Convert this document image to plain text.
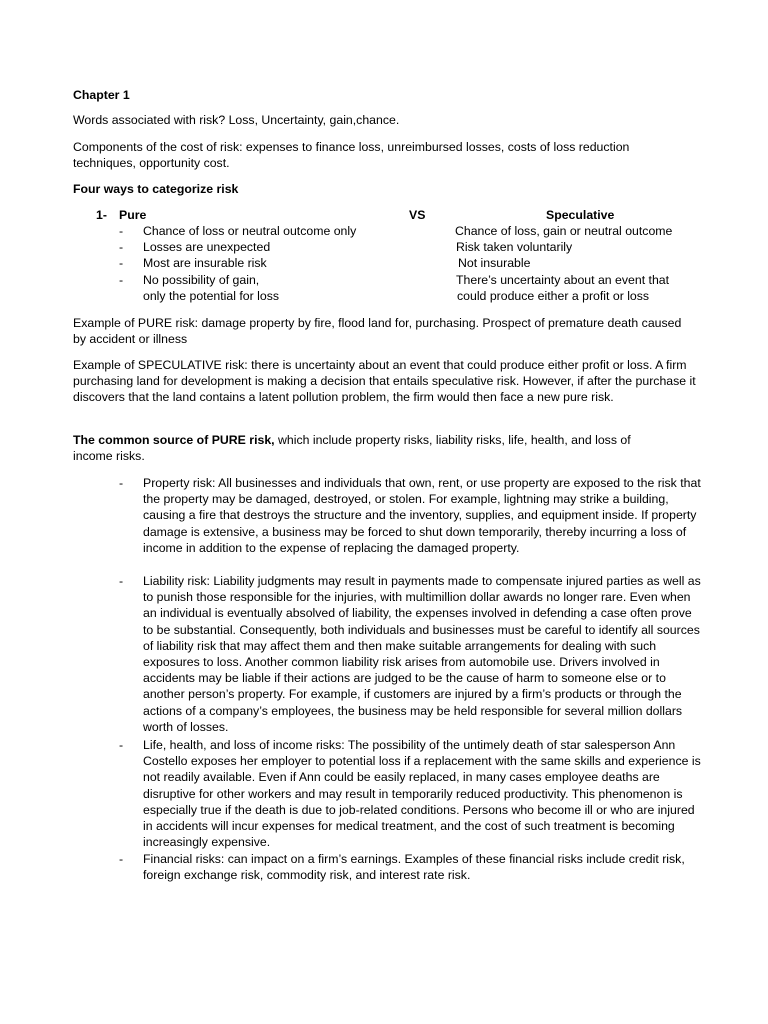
Chapter 1
Words associated with risk? Loss, Uncertainty, gain,chance.
Components of the cost of risk: expenses to finance loss, unreimbursed losses, costs of loss reduction techniques, opportunity cost.
Four ways to categorize risk
1- Pure	VS	Speculative
- Chance of loss or neutral outcome only
- Losses are unexpected
- Most are insurable risk
- No possibility of gain,
only the potential for loss
Chance of loss, gain or neutral outcome
Risk taken voluntarily
Not insurable
There’s uncertainty about an event that
could produce either a profit or loss
Example of PURE risk: damage property by fire, flood land for, purchasing. Prospect of premature death caused by accident or illness
Example of SPECULATIVE risk: there is uncertainty about an event that could produce either profit or loss. A firm purchasing land for development is making a decision that entails speculative risk. However, if after the purchase it discovers that the land contains a latent pollution problem, the firm would then face a new pure risk.
The common source of PURE risk, which include property risks, liability risks, life, health, and loss of income risks.
- Property risk: All businesses and individuals that own, rent, or use property are exposed to the risk that the property may be damaged, destroyed, or stolen. For example, lightning may strike a building, causing a fire that destroys the structure and the inventory, supplies, and equipment inside. If property damage is extensive, a business may be forced to shut down temporarily, thereby incurring a loss of income in addition to the expense of replacing the damaged property.
- Liability risk: Liability judgments may result in payments made to compensate injured parties as well as to punish those responsible for the injuries, with multimillion dollar awards no longer rare. Even when an individual is eventually absolved of liability, the expenses involved in defending a case often prove to be substantial. Consequently, both individuals and businesses must be careful to identify all sources of liability risk that may affect them and then make suitable arrangements for dealing with such exposures to loss. Another common liability risk arises from automobile use. Drivers involved in accidents may be liable if their actions are judged to be the cause of harm to someone else or to another person’s property. For example, if customers are injured by a firm’s products or through the actions of a company’s employees, the business may be held responsible for several million dollars worth of losses.
- Life, health, and loss of income risks: The possibility of the untimely death of star salesperson Ann Costello exposes her employer to potential loss if a replacement with the same skills and experience is not readily available. Even if Ann could be easily replaced, in many cases employee deaths are disruptive for other workers and may result in temporarily reduced productivity. This phenomenon is especially true if the death is due to job-related conditions. Persons who become ill or who are injured in accidents will incur expenses for medical treatment, and the cost of such treatment is becoming increasingly expensive.
- Financial risks: can impact on a firm’s earnings. Examples of these financial risks include credit risk, foreign exchange risk, commodity risk, and interest rate risk.
